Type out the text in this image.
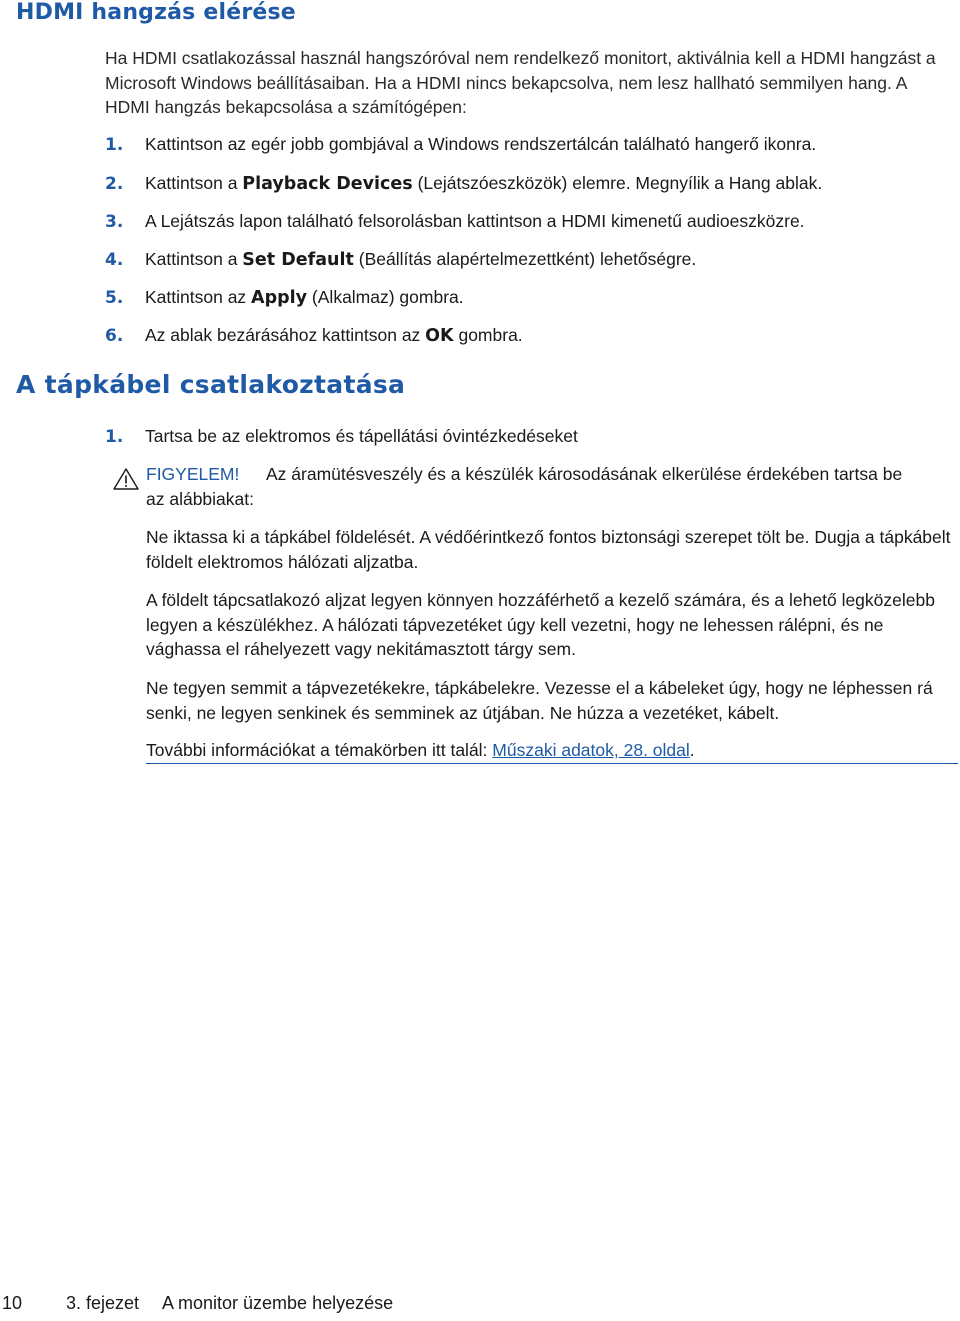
HDMI hangzás elérése
Ha HDMI csatlakozással használ hangszóróval nem rendelkező monitort, aktiválnia kell a HDMI hangzást a Microsoft Windows beállításaiban. Ha a HDMI nincs bekapcsolva, nem lesz hallható semmilyen hang. A HDMI hangzás bekapcsolása a számítógépen:
1. Kattintson az egér jobb gombjával a Windows rendszertálcán található hangerő ikonra.
2. Kattintson a Playback Devices (Lejátszóeszközök) elemre. Megnyílik a Hang ablak.
3. A Lejátszás lapon található felsorolásban kattintson a HDMI kimenetű audioeszközre.
4. Kattintson a Set Default (Beállítás alapértelmezettként) lehetőségre.
5. Kattintson az Apply (Alkalmaz) gombra.
6. Az ablak bezárásához kattintson az OK gombra.
A tápkábel csatlakoztatása
1. Tartsa be az elektromos és tápellátási óvintézkedéseket
FIGYELEM! Az áramütésveszély és a készülék károsodásának elkerülése érdekében tartsa be
az alábbiakat:
Ne iktassa ki a tápkábel földelését. A védőérintkező fontos biztonsági szerepet tölt be. Dugja a tápkábelt földelt elektromos hálózati aljzatba.
A földelt tápcsatlakozó aljzat legyen könnyen hozzáférhető a kezelő számára, és a lehető legközelebb legyen a készülékhez. A hálózati tápvezetéket úgy kell vezetni, hogy ne lehessen rálépni, és ne vághassa el ráhelyezett vagy nekitámasztott tárgy sem.
Ne tegyen semmit a tápvezetékekre, tápkábelekre. Vezesse el a kábeleket úgy, hogy ne léphessen rá senki, ne legyen senkinek és semminek az útjában. Ne húzza a vezetéket, kábelt.
További információkat a témakörben itt talál: Műszaki adatok, 28. oldal.
10 3. fejezet A monitor üzembe helyezése
